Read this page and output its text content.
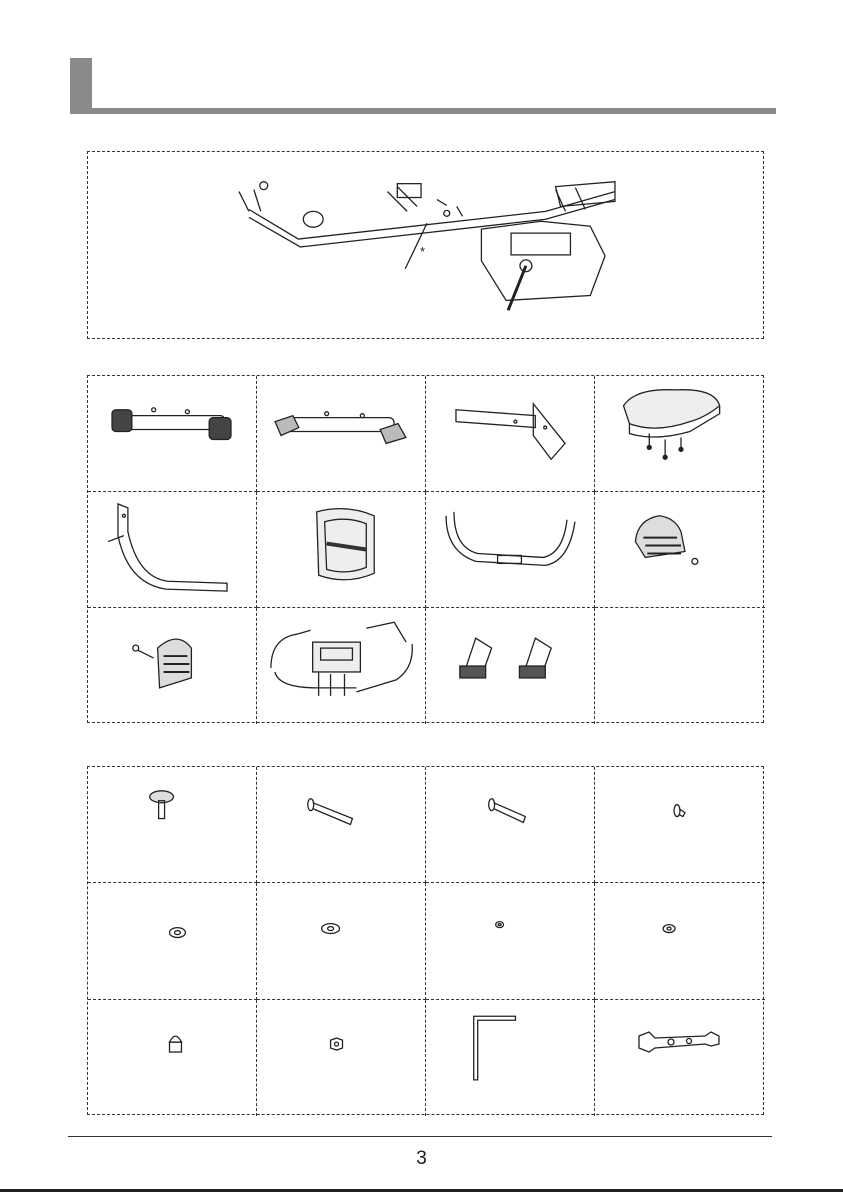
*
3
